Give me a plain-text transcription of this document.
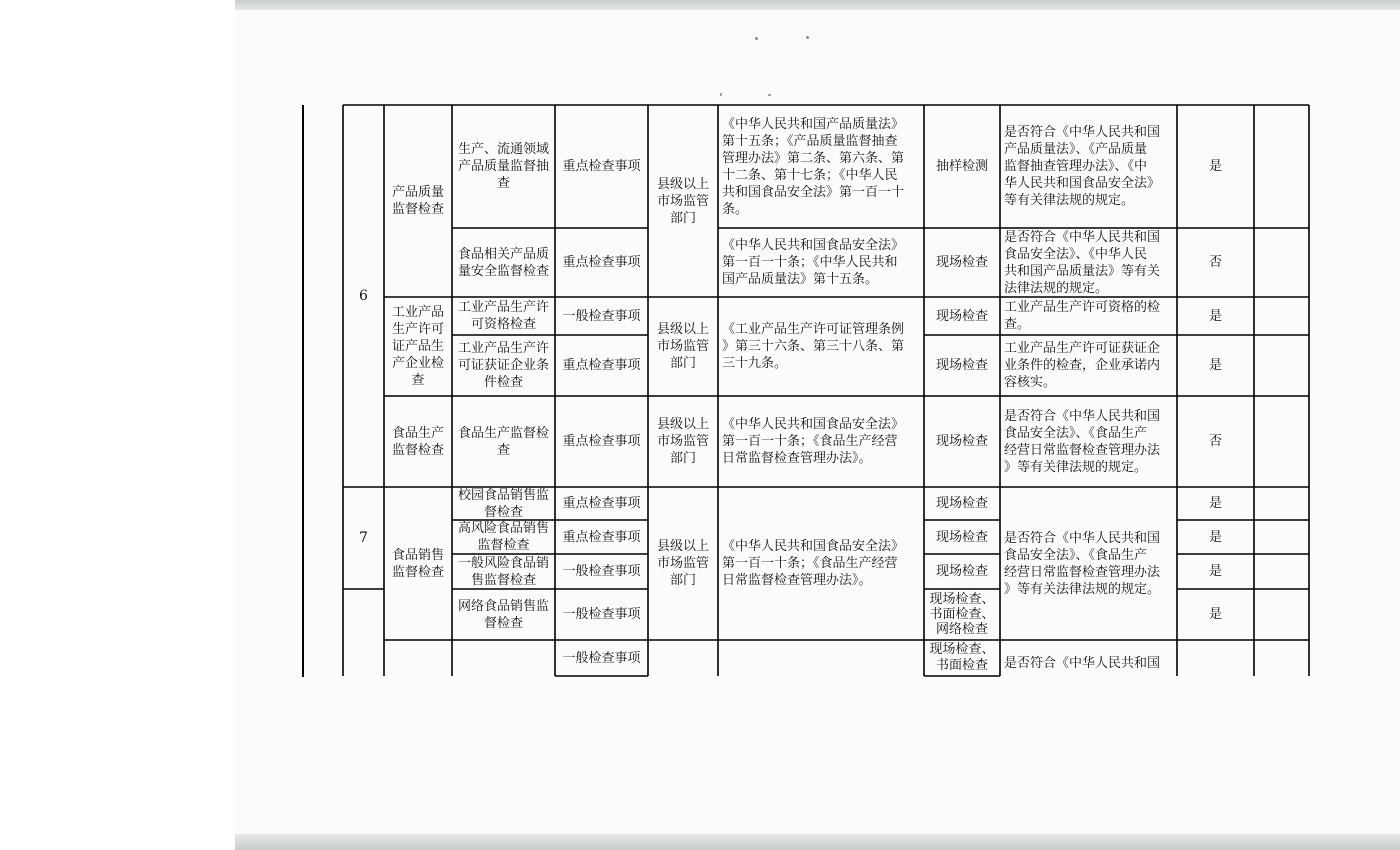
6
7
产品质量
监督检查
工业产品
生产许可
证产品生
产企业检
查
食品生产
监督检查
食品销售
监督检查
生产、流通领域
产品质量监督抽
查
食品相关产品质
量安全监督检查
工业产品生产许
可资格检查
工业产品生产许
可证获证企业条
件检查
食品生产监督检
查
校园食品销售监
督检查
高风险食品销售
监督检查
一般风险食品销
售监督检查
网络食品销售监
督检查
重点检查事项
重点检查事项
一般检查事项
重点检查事项
重点检查事项
重点检查事项
重点检查事项
一般检查事项
一般检查事项
一般检查事项
县级以上
市场监管
部门
县级以上
市场监管
部门
县级以上
市场监管
部门
县级以上
市场监管
部门
《中华人民共和国产品质量法》
第十五条；《产品质量监督抽查
管理办法》第二条、第六条、第
十二条、第十七条；《中华人民
共和国食品安全法》第一百一十
条。
《中华人民共和国食品安全法》
第一百一十条；《中华人民共和
国产品质量法》第十五条。
《工业产品生产许可证管理条例
》第三十六条、第三十八条、第
三十九条。
《中华人民共和国食品安全法》
第一百一十条；《食品生产经营
日常监督检查管理办法》。
《中华人民共和国食品安全法》
第一百一十条；《食品生产经营
日常监督检查管理办法》。
抽样检测
现场检查
现场检查
现场检查
现场检查
现场检查
现场检查
现场检查
现场检查、
书面检查、
网络检查
现场检查、
书面检查
是否符合《中华人民共和国
产品质量法》、《产品质量
监督抽查管理办法》、《中
华人民共和国食品安全法》
等有关律法规的规定。
是否符合《中华人民共和国
食品安全法》、《中华人民
共和国产品质量法》等有关
法律法规的规定。
工业产品生产许可资格的检
查。
工业产品生产许可证获证企
业条件的检查，企业承诺内
容核实。
是否符合《中华人民共和国
食品安全法》、《食品生产
经营日常监督检查管理办法
》等有关律法规的规定。
是否符合《中华人民共和国
食品安全法》、《食品生产
经营日常监督检查管理办法
》等有关法律法规的规定。
是否符合《中华人民共和国
是
否
是
是
否
是
是
是
是
